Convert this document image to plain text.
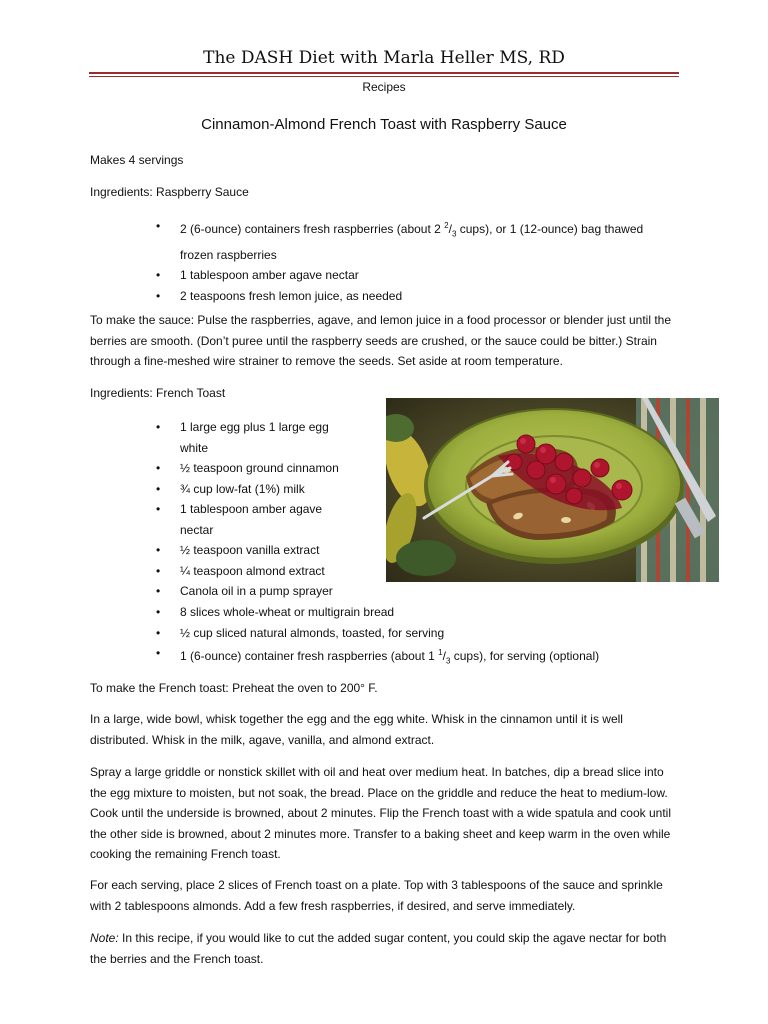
The DASH Diet with Marla Heller MS, RD
Recipes
Cinnamon-Almond French Toast with Raspberry Sauce
Makes 4 servings
Ingredients: Raspberry Sauce
• 2 (6-ounce) containers fresh raspberries (about 2 $^2/_3$ cups), or 1 (12-ounce) bag thawed frozen raspberries
• 1 tablespoon amber agave nectar
• 2 teaspoons fresh lemon juice, as needed
To make the sauce: Pulse the raspberries, agave, and lemon juice in a food processor or blender just until the berries are smooth. (Don’t puree until the raspberry seeds are crushed, or the sauce could be bitter.) Strain through a fine-meshed wire strainer to remove the seeds. Set aside at room temperature.
Ingredients: French Toast
• 1 large egg plus 1 large egg white
• ½ teaspoon ground cinnamon
• ¾ cup low-fat (1%) milk
• 1 tablespoon amber agave nectar
• ½ teaspoon vanilla extract
• ¼ teaspoon almond extract
• Canola oil in a pump sprayer
• 8 slices whole-wheat or multigrain bread
• ½ cup sliced natural almonds, toasted, for serving
• 1 (6-ounce) container fresh raspberries (about 1 $^1/_3$ cups), for serving (optional)
To make the French toast: Preheat the oven to 200° F.
In a large, wide bowl, whisk together the egg and the egg white. Whisk in the cinnamon until it is well distributed. Whisk in the milk, agave, vanilla, and almond extract.
Spray a large griddle or nonstick skillet with oil and heat over medium heat. In batches, dip a bread slice into the egg mixture to moisten, but not soak, the bread. Place on the griddle and reduce the heat to medium-low. Cook until the underside is browned, about 2 minutes. Flip the French toast with a wide spatula and cook until the other side is browned, about 2 minutes more. Transfer to a baking sheet and keep warm in the oven while cooking the remaining French toast.
For each serving, place 2 slices of French toast on a plate. Top with 3 tablespoons of the sauce and sprinkle with 2 tablespoons almonds. Add a few fresh raspberries, if desired, and serve immediately.
Note: In this recipe, if you would like to cut the added sugar content, you could skip the agave nectar for both the berries and the French toast.
